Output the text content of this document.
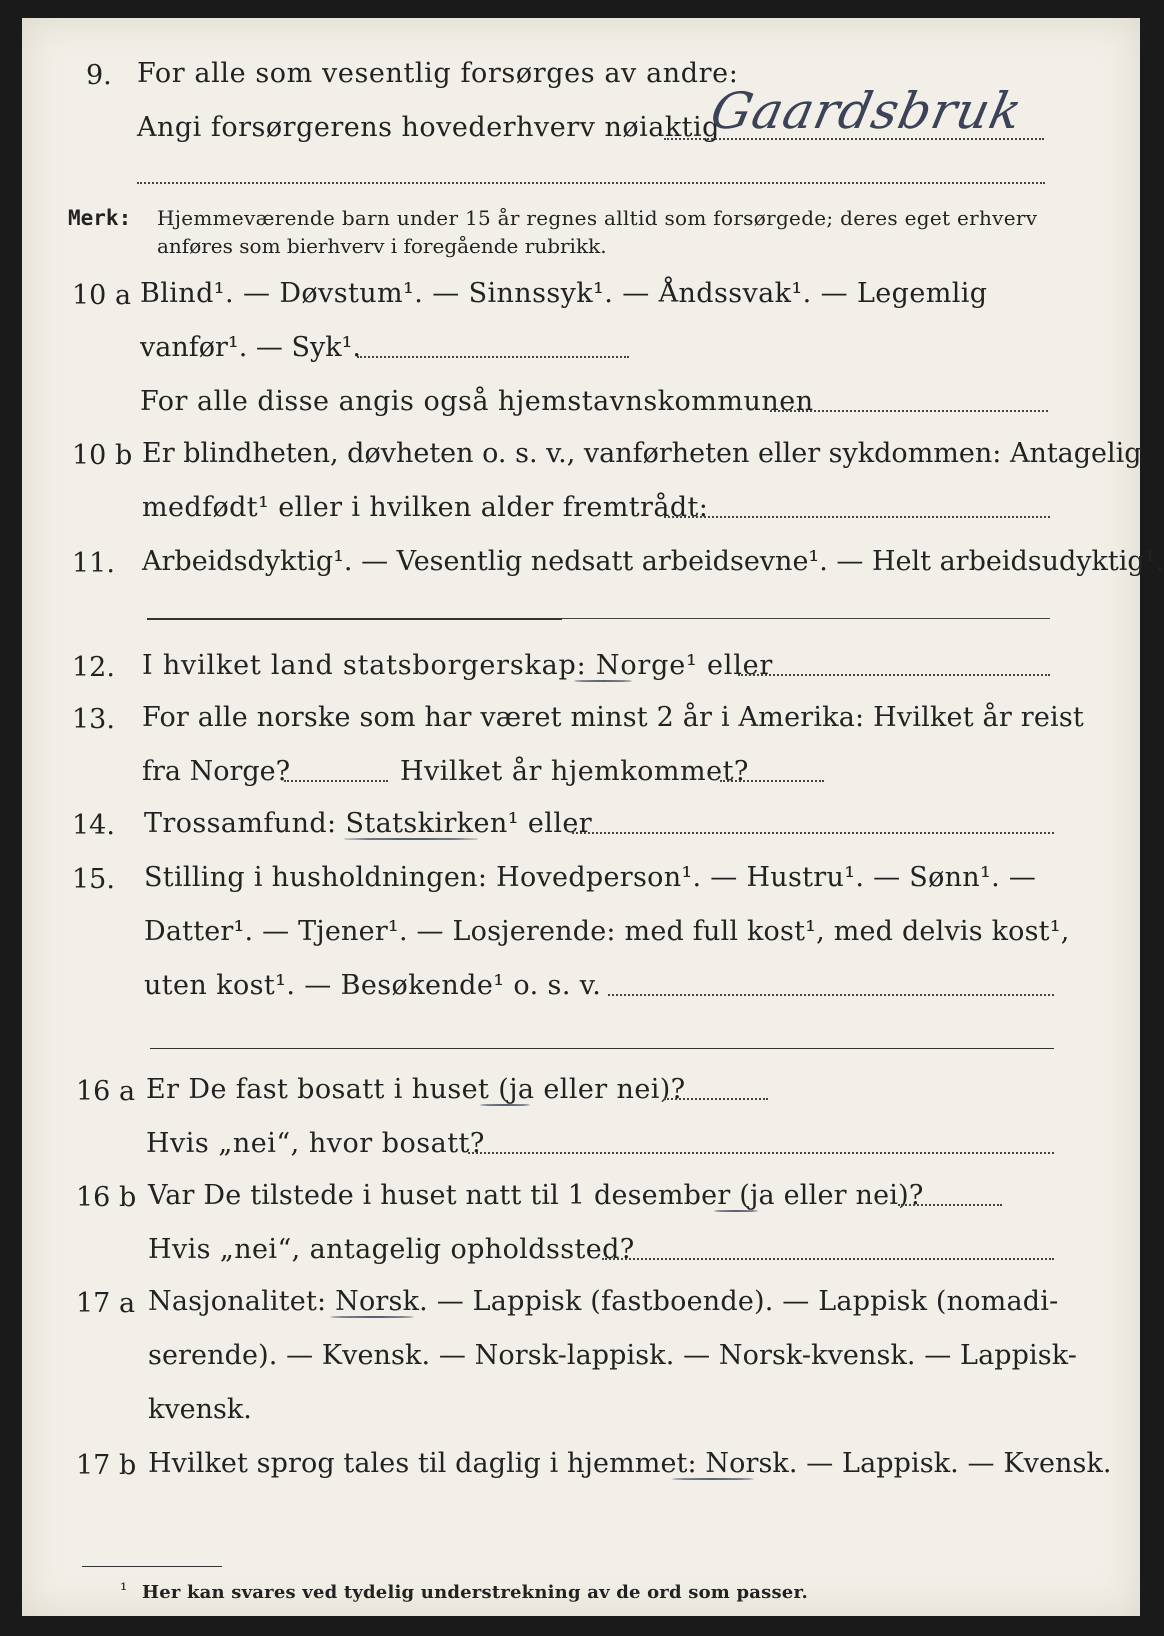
9. For alle som vesentlig forsørges av andre:
Angi forsørgerens hovederhverv nøiaktig
Gaardsbruk
Merk: Hjemmeværende barn under 15 år regnes alltid som forsørgede; deres eget erhverv
anføres som bierhverv i foregående rubrikk.
10 a Blind¹. — Døvstum¹. — Sinnssyk¹. — Åndssvak¹. — Legemlig
vanfør¹. — Syk¹.
For alle disse angis også hjemstavnskommunen
10 b Er blindheten, døvheten o. s. v., vanførheten eller sykdommen: Antagelig
medfødt¹ eller i hvilken alder fremtrådt:
11. Arbeidsdyktig¹. — Vesentlig nedsatt arbeidsevne¹. — Helt arbeidsudyktig¹.
12. I hvilket land statsborgerskap: Norge¹ eller
13. For alle norske som har været minst 2 år i Amerika: Hvilket år reist
fra Norge?	Hvilket år hjemkommet?
14. Trossamfund: Statskirken¹ eller
15. Stilling i husholdningen: Hovedperson¹. — Hustru¹. — Sønn¹. —
Datter¹. — Tjener¹. — Losjerende: med full kost¹, med delvis kost¹,
uten kost¹. — Besøkende¹ o. s. v.
16 a Er De fast bosatt i huset (ja eller nei)?
Hvis „nei“, hvor bosatt?
16 b Var De tilstede i huset natt til 1 desember (ja eller nei)?
Hvis „nei“, antagelig opholdssted?
17 a Nasjonalitet: Norsk. — Lappisk (fastboende). — Lappisk (nomadi-
serende). — Kvensk. — Norsk-lappisk. — Norsk-kvensk. — Lappisk-
kvensk.
17 b Hvilket sprog tales til daglig i hjemmet: Norsk. — Lappisk. — Kvensk.
¹ Her kan svares ved tydelig understrekning av de ord som passer.
